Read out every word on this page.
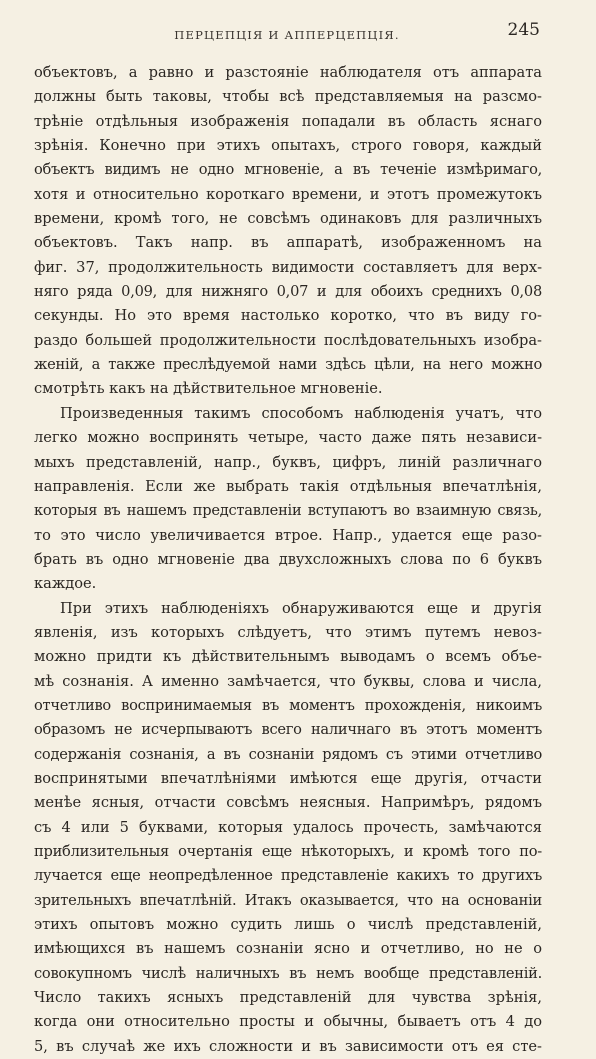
ПЕРЦЕПЦІЯ И АППЕРЦЕПЦІЯ.	245
объектовъ, а равно и разстояніе наблюдателя отъ аппарата
должны быть таковы, чтобы всѣ представляемыя на разсмо-
трѣніе отдѣльныя изображенія попадали въ область яснаго
зрѣнія. Конечно при этихъ опытахъ, строго говоря, каждый
объектъ видимъ не одно мгновеніе, а въ теченіе измѣримаго,
хотя и относительно короткаго времени, и этотъ промежутокъ
времени, кромѣ того, не совсѣмъ одинаковъ для различныхъ
объектовъ. Такъ напр. въ аппаратѣ, изображенномъ на
фиг. 37, продолжительность видимости составляетъ для верх-
няго ряда 0,09, для нижняго 0,07 и для обоихъ среднихъ 0,08
секунды. Но это время настолько коротко, что въ виду го-
раздо большей продолжительности послѣдовательныхъ изобра-
женій, а также преслѣдуемой нами здѣсь цѣли, на него можно
смотрѣть какъ на дѣйствительное мгновеніе.
Произведенныя такимъ способомъ наблюденія учатъ, что
легко можно воспринять четыре, часто даже пять независи-
мыхъ представленій, напр., буквъ, цифръ, линій различнаго
направленія. Если же выбрать такія отдѣльныя впечатлѣнія,
которыя въ нашемъ представленіи вступаютъ во взаимную связь,
то это число увеличивается втрое. Напр., удается еще разо-
брать въ одно мгновеніе два двухсложныхъ слова по 6 буквъ
каждое.
При этихъ наблюденіяхъ обнаруживаются еще и другія
явленія, изъ которыхъ слѣдуетъ, что этимъ путемъ невоз-
можно придти къ дѣйствительнымъ выводамъ о всемъ объе-
мѣ сознанія. А именно замѣчается, что буквы, слова и числа,
отчетливо воспринимаемыя въ моментъ прохожденія, никоимъ
образомъ не исчерпываютъ всего наличнаго въ этотъ моментъ
содержанія сознанія, а въ сознаніи рядомъ съ этими отчетливо
воспринятыми впечатлѣніями имѣются еще другія, отчасти
менѣе ясныя, отчасти совсѣмъ неясныя. Напримѣръ, рядомъ
съ 4 или 5 буквами, которыя удалось прочесть, замѣчаются
приблизительныя очертанія еще нѣкоторыхъ, и кромѣ того по-
лучается еще неопредѣленное представленіе какихъ то другихъ
зрительныхъ впечатлѣній. Итакъ оказывается, что на основаніи
этихъ опытовъ можно судить лишь о числѣ представленій,
имѣющихся въ нашемъ сознаніи ясно и отчетливо, но не о
совокупномъ числѣ наличныхъ въ немъ вообще представленій.
Число такихъ ясныхъ представленій для чувства зрѣнія,
когда они относительно просты и обычны, бываетъ отъ 4 до
5, въ случаѣ же ихъ сложности и въ зависимости отъ ея сте-
